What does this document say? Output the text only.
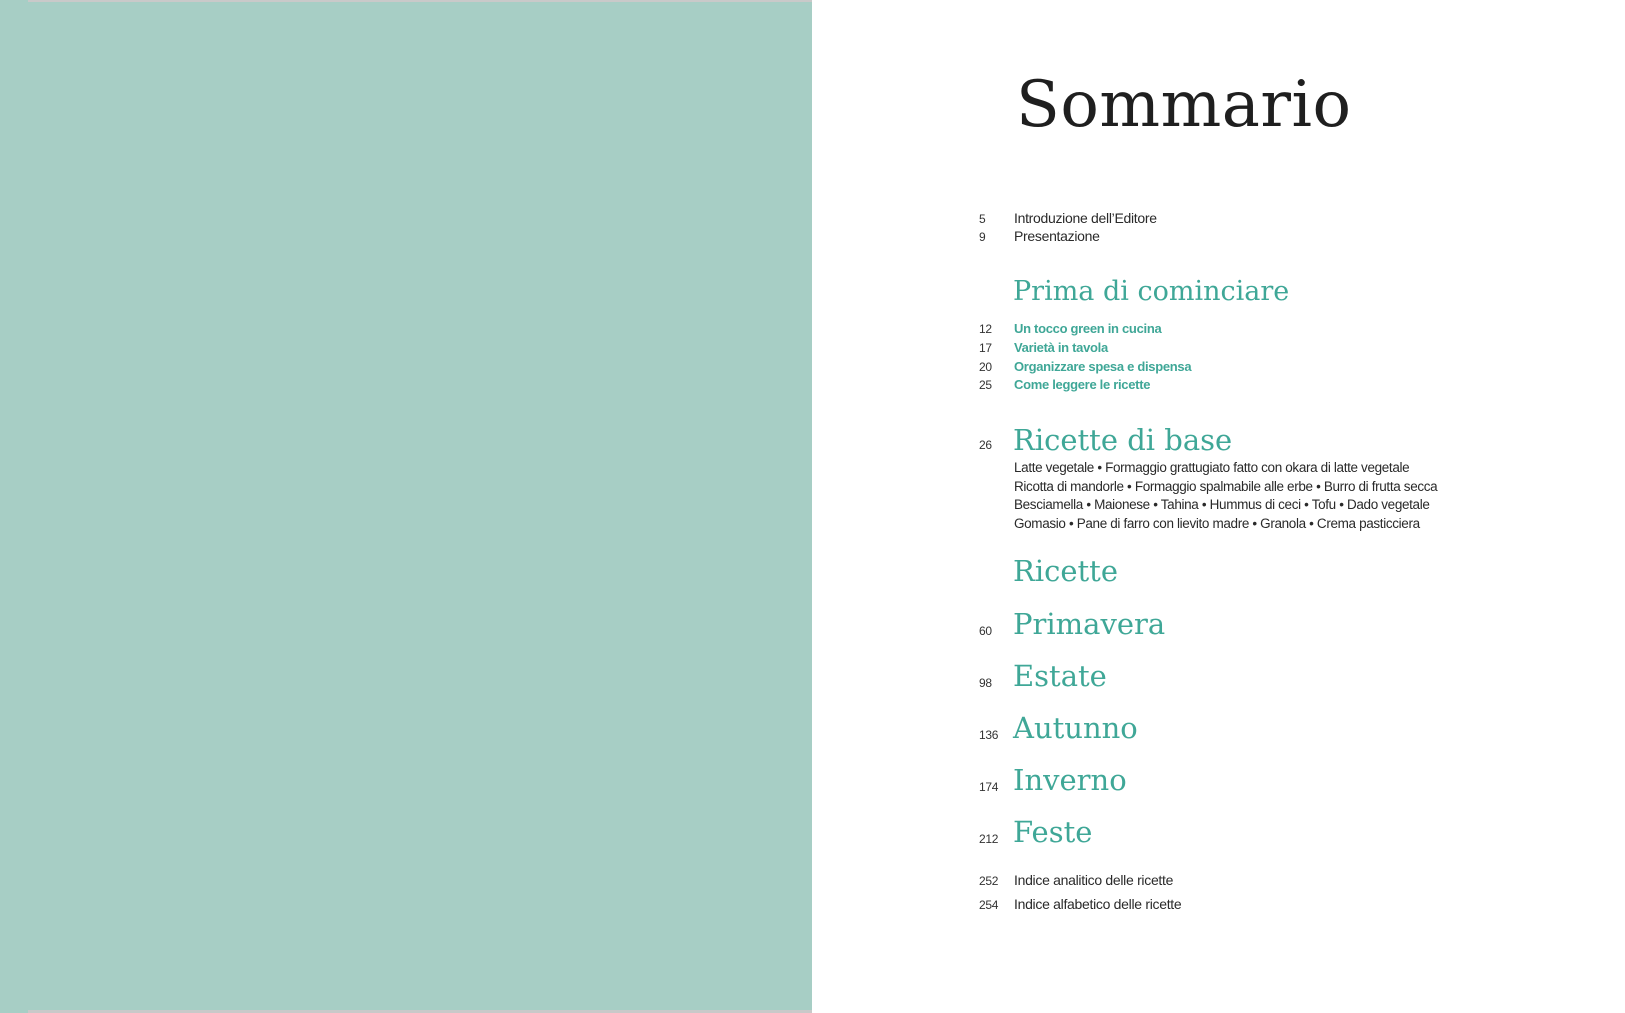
Sommario
5 Introduzione dell’Editore
9 Presentazione
Prima di cominciare
12 Un tocco green in cucina
17 Varietà in tavola
20 Organizzare spesa e dispensa
25 Come leggere le ricette
26 Ricette di base
Latte vegetale • Formaggio grattugiato fatto con okara di latte vegetale
Ricotta di mandorle • Formaggio spalmabile alle erbe • Burro di frutta secca
Besciamella • Maionese • Tahina • Hummus di ceci • Tofu • Dado vegetale
Gomasio • Pane di farro con lievito madre • Granola • Crema pasticciera
Ricette
60 Primavera
98 Estate
136 Autunno
174 Inverno
212 Feste
252 Indice analitico delle ricette
254 Indice alfabetico delle ricette
